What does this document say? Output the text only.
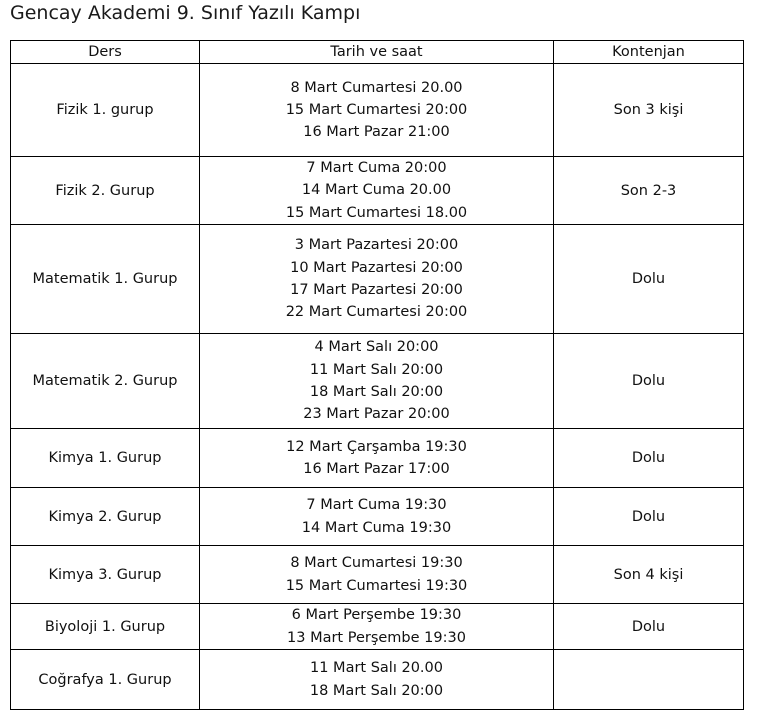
Gencay Akademi 9. Sınıf Yazılı Kampı
Ders	Tarih ve saat	Kontenjan
Fizik 1. gurup	8 Mart Cumartesi 20.00
15 Mart Cumartesi 20:00
16 Mart Pazar 21:00	Son 3 kişi
Fizik 2. Gurup	7 Mart Cuma 20:00
14 Mart Cuma 20.00
15 Mart Cumartesi 18.00	Son 2-3
Matematik 1. Gurup	3 Mart Pazartesi 20:00
10 Mart Pazartesi 20:00
17 Mart Pazartesi 20:00
22 Mart Cumartesi 20:00	Dolu
Matematik 2. Gurup	4 Mart Salı 20:00
11 Mart Salı 20:00
18 Mart Salı 20:00
23 Mart Pazar 20:00	Dolu
Kimya 1. Gurup	12 Mart Çarşamba 19:30
16 Mart Pazar 17:00	Dolu
Kimya 2. Gurup	7 Mart Cuma 19:30
14 Mart Cuma 19:30	Dolu
Kimya 3. Gurup	8 Mart Cumartesi 19:30
15 Mart Cumartesi 19:30	Son 4 kişi
Biyoloji 1. Gurup	6 Mart Perşembe 19:30
13 Mart Perşembe 19:30	Dolu
Coğrafya 1. Gurup	11 Mart Salı 20.00
18 Mart Salı 20:00	
